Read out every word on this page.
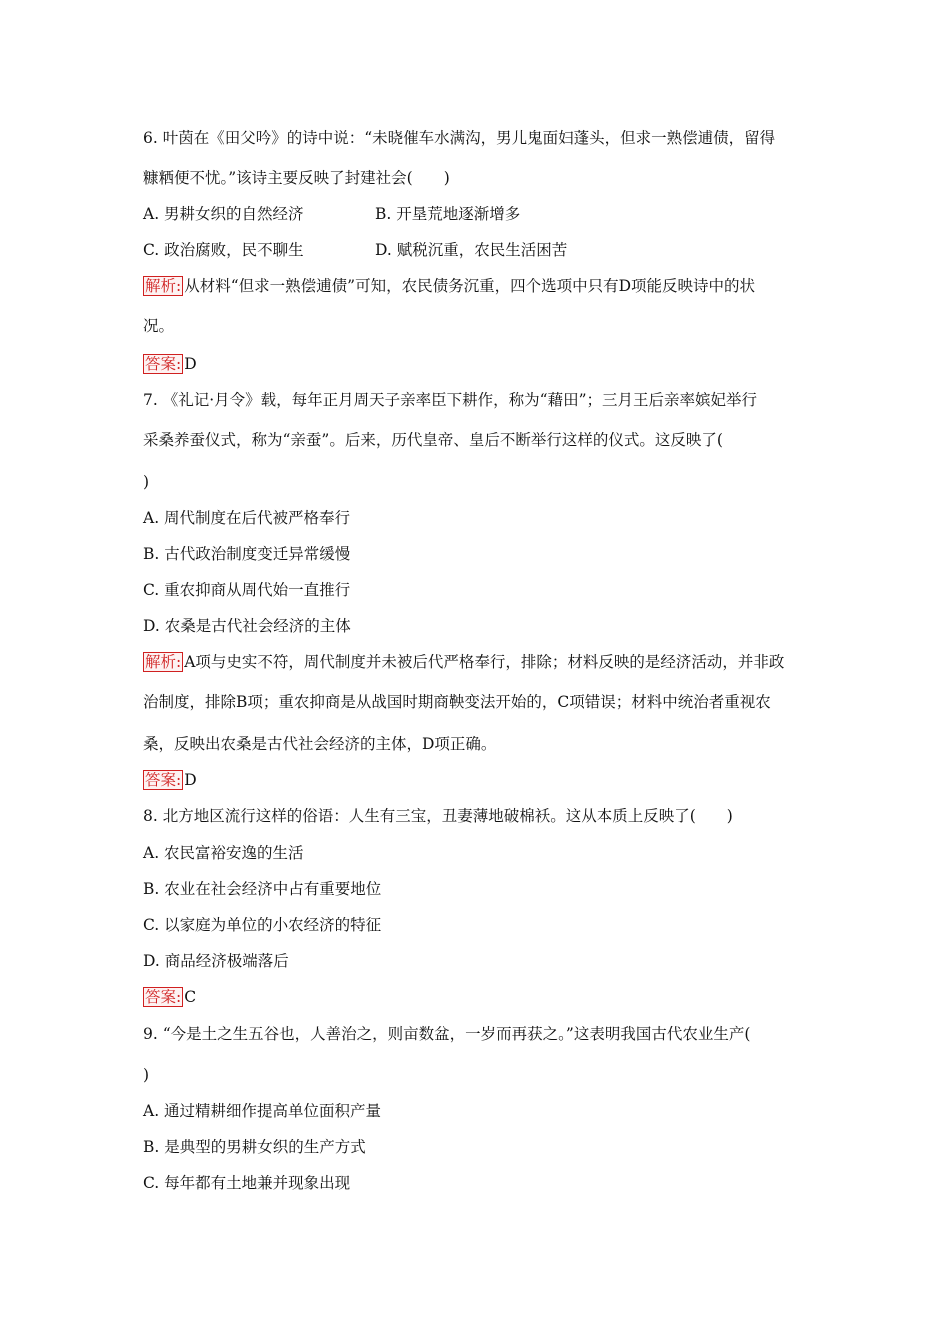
6. 叶茵在《田父吟》的诗中说：“未晓催车水满沟，男儿鬼面妇蓬头，但求一熟偿逋债，留得
糠粞便不忧。”该诗主要反映了封建社会(　　)
A. 男耕女织的自然经济	B. 开垦荒地逐渐增多
C. 政治腐败，民不聊生	D. 赋税沉重，农民生活困苦
解析: 从材料“但求一熟偿逋债”可知，农民债务沉重，四个选项中只有D项能反映诗中的状
况。
答案: D
7. 《礼记·月令》载，每年正月周天子亲率臣下耕作，称为“藉田”；三月王后亲率嫔妃举行
采桑养蚕仪式，称为“亲蚕”。后来，历代皇帝、皇后不断举行这样的仪式。这反映了(
)
A. 周代制度在后代被严格奉行
B. 古代政治制度变迁异常缓慢
C. 重农抑商从周代始一直推行
D. 农桑是古代社会经济的主体
解析: A项与史实不符，周代制度并未被后代严格奉行，排除；材料反映的是经济活动，并非政
治制度，排除B项；重农抑商是从战国时期商鞅变法开始的，C项错误；材料中统治者重视农
桑，反映出农桑是古代社会经济的主体，D项正确。
答案: D
8. 北方地区流行这样的俗语：人生有三宝，丑妻薄地破棉袄。这从本质上反映了(　　)
A. 农民富裕安逸的生活
B. 农业在社会经济中占有重要地位
C. 以家庭为单位的小农经济的特征
D. 商品经济极端落后
答案: C
9. “今是土之生五谷也，人善治之，则亩数盆，一岁而再获之。”这表明我国古代农业生产(
)
A. 通过精耕细作提高单位面积产量
B. 是典型的男耕女织的生产方式
C. 每年都有土地兼并现象出现
